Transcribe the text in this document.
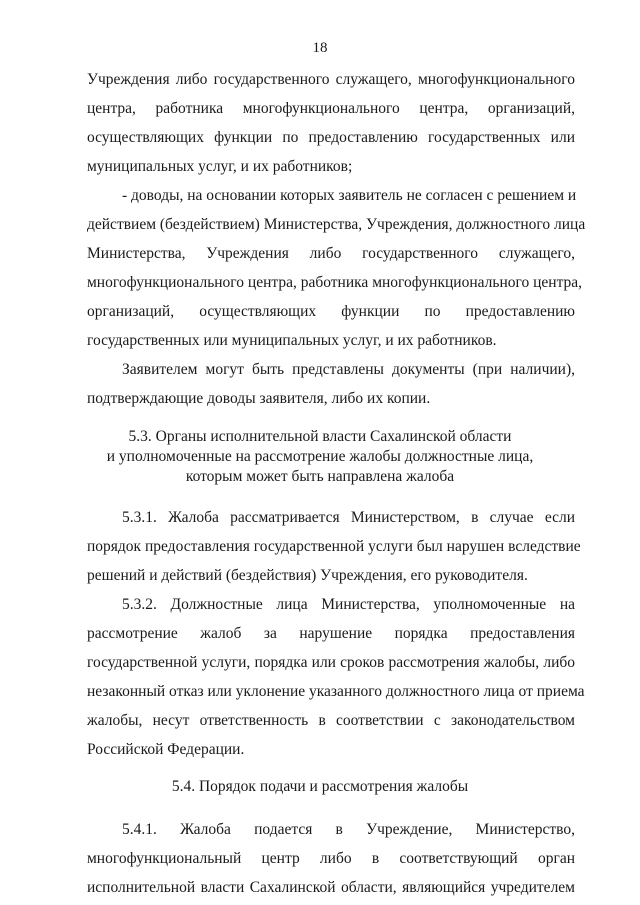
18
Учреждения либо государственного служащего, многофункционального
центра, работника многофункционального центра, организаций,
осуществляющих функции по предоставлению государственных или
муниципальных услуг, и их работников;
- доводы, на основании которых заявитель не согласен с решением и
действием (бездействием) Министерства, Учреждения, должностного лица
Министерства, Учреждения либо государственного служащего,
многофункционального центра, работника многофункционального центра,
организаций, осуществляющих функции по предоставлению
государственных или муниципальных услуг, и их работников.
Заявителем могут быть представлены документы (при наличии),
подтверждающие доводы заявителя, либо их копии.
5.3. Органы исполнительной власти Сахалинской области
и уполномоченные на рассмотрение жалобы должностные лица,
которым может быть направлена жалоба
5.3.1. Жалоба рассматривается Министерством, в случае если
порядок предоставления государственной услуги был нарушен вследствие
решений и действий (бездействия) Учреждения, его руководителя.
5.3.2. Должностные лица Министерства, уполномоченные на
рассмотрение жалоб за нарушение порядка предоставления
государственной услуги, порядка или сроков рассмотрения жалобы, либо
незаконный отказ или уклонение указанного должностного лица от приема
жалобы, несут ответственность в соответствии с законодательством
Российской Федерации.
5.4. Порядок подачи и рассмотрения жалобы
5.4.1. Жалоба подается в Учреждение, Министерство,
многофункциональный центр либо в соответствующий орган
исполнительной власти Сахалинской области, являющийся учредителем
